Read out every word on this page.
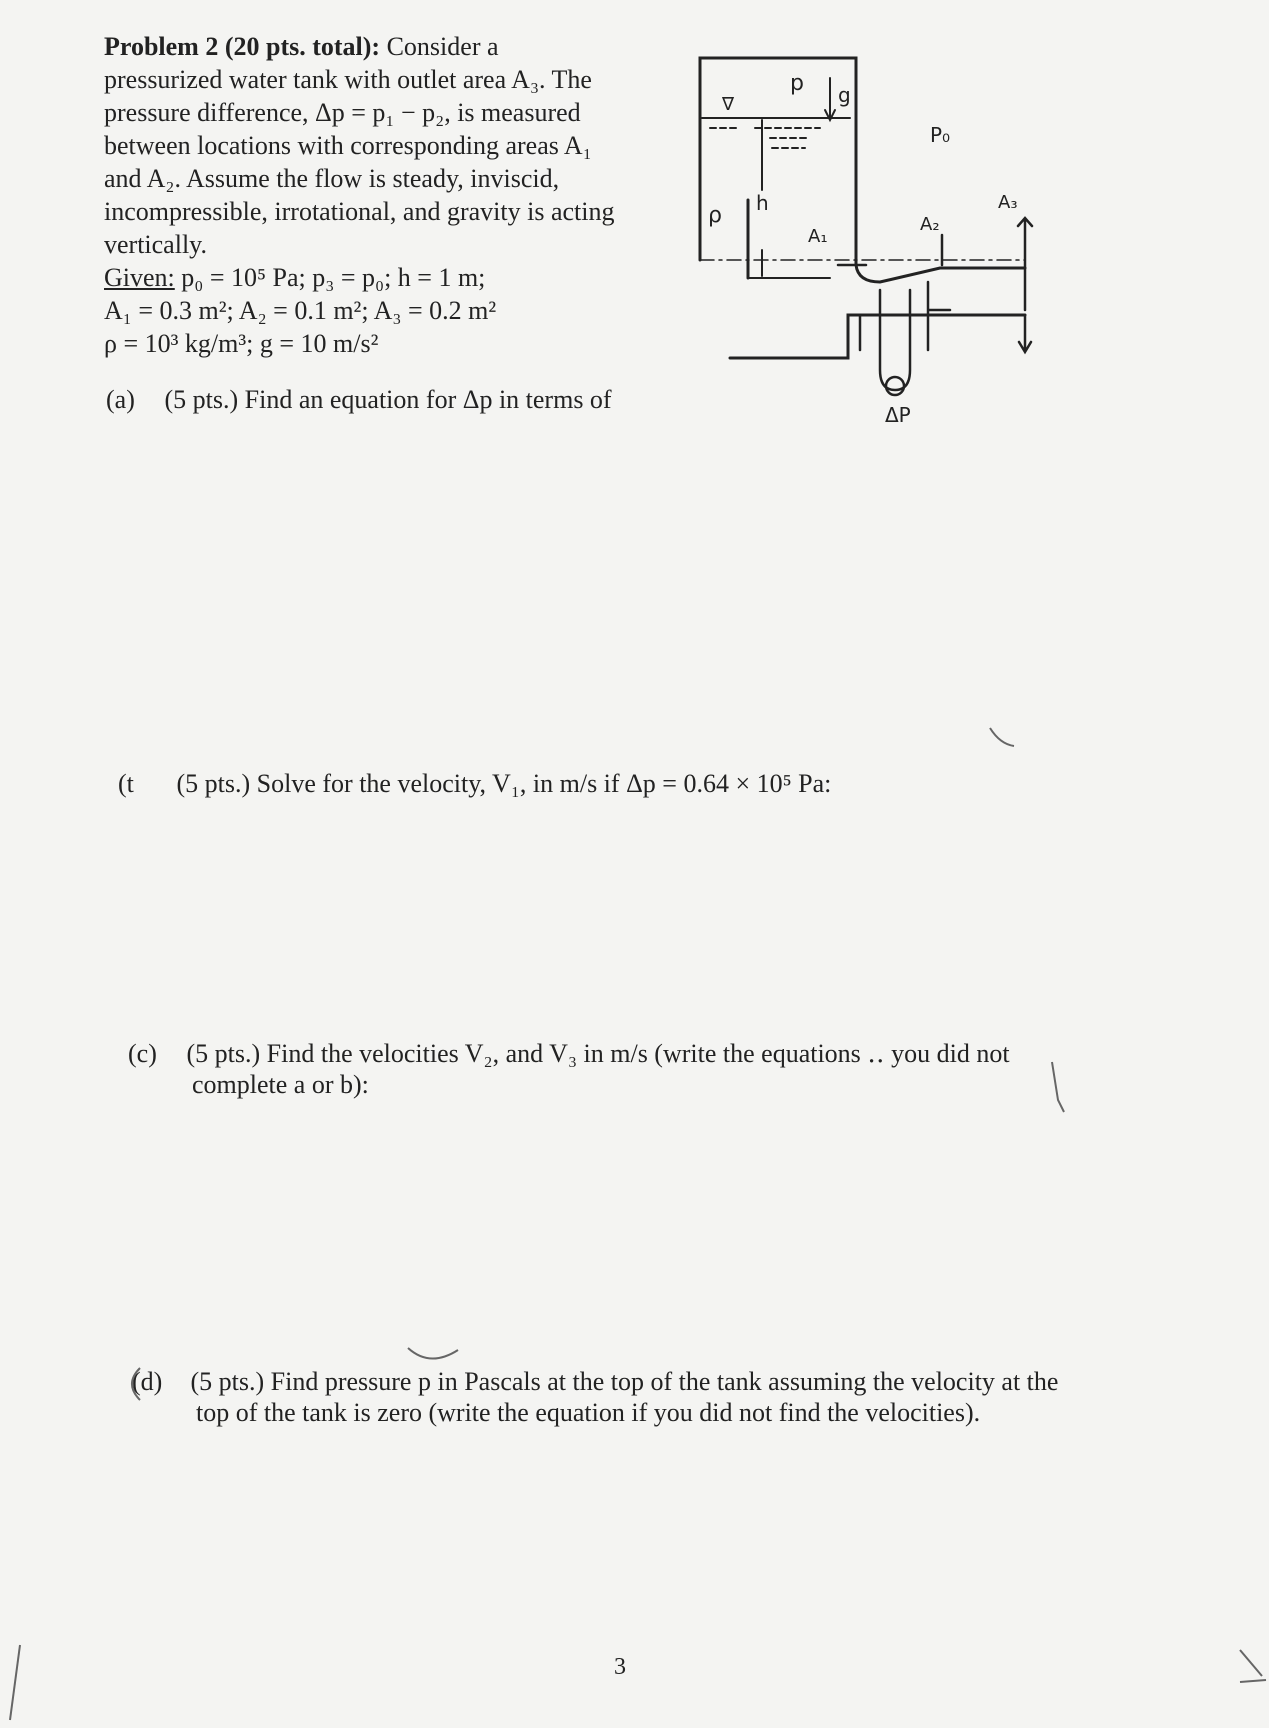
Problem 2 (20 pts. total): Consider a
pressurized water tank with outlet area A₃. The
pressure difference, Δp = p₁ − p₂, is measured
between locations with corresponding areas A₁
and A₂. Assume the flow is steady, inviscid,
incompressible, irrotational, and gravity is acting
vertically.
Given: p₀ = 10⁵ Pa; p₃ = p₀; h = 1 m;
A₁ = 0.3 m²; A₂ = 0.1 m²; A₃ = 0.2 m²
ρ = 10³ kg/m³; g = 10 m/s²
p
∇	g
P₀
h
ρ
A₁
A₂
A₃
ΔP
(a) (5 pts.) Find an equation for Δp in terms of
(t (5 pts.) Solve for the velocity, V₁, in m/s if Δp = 0.64 × 10⁵ Pa:
(c) (5 pts.) Find the velocities V₂, and V₃ in m/s (write the equations ‥ you did not
complete a or b):
(d) (5 pts.) Find pressure p in Pascals at the top of the tank assuming the velocity at the
top of the tank is zero (write the equation if you did not find the velocities).
3
